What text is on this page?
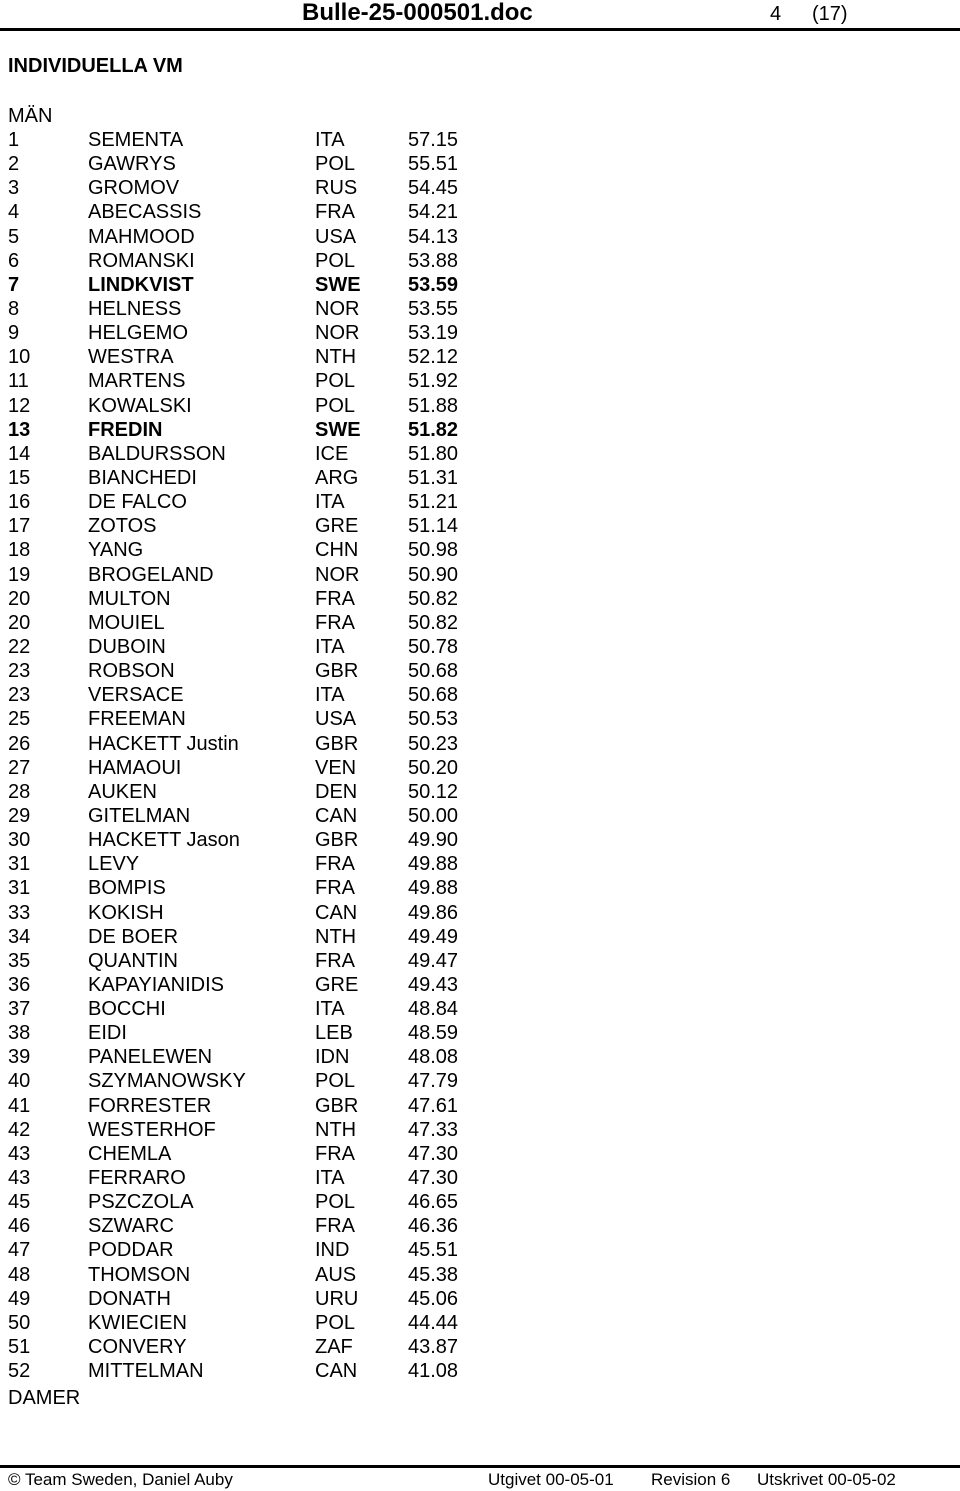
Bulle-25-000501.doc	4 (17)
INDIVIDUELLA VM
MÄN
1	SEMENTA	ITA	57.15
2	GAWRYS	POL	55.51
3	GROMOV	RUS	54.45
4	ABECASSIS	FRA	54.21
5	MAHMOOD	USA	54.13
6	ROMANSKI	POL	53.88
7	LINDKVIST	SWE 53.59
8	HELNESS	NOR 53.55
9	HELGEMO	NOR 53.19
10	WESTRA	NTH	52.12
11	MARTENS	POL	51.92
12	KOWALSKI	POL	51.88
13	FREDIN	SWE 51.82
14	BALDURSSON	ICE	51.80
15	BIANCHEDI	ARG 51.31
16	DE FALCO	ITA	51.21
17	ZOTOS	GRE 51.14
18	YANG	CHN 50.98
19	BROGELAND	NOR 50.90
20	MULTON	FRA	50.82
20	MOUIEL	FRA	50.82
22	DUBOIN	ITA	50.78
23	ROBSON	GBR 50.68
23	VERSACE	ITA	50.68
25	FREEMAN	USA	50.53
26	HACKETT Justin	GBR 50.23
27	HAMAOUI	VEN	50.20
28	AUKEN	DEN	50.12
29	GITELMAN	CAN	50.00
30	HACKETT Jason	GBR 49.90
31	LEVY	FRA	49.88
31	BOMPIS	FRA	49.88
33	KOKISH	CAN	49.86
34	DE BOER	NTH	49.49
35	QUANTIN	FRA	49.47
36	KAPAYIANIDIS	GRE 49.43
37	BOCCHI	ITA	48.84
38	EIDI	LEB	48.59
39	PANELEWEN	IDN	48.08
40	SZYMANOWSKY	POL	47.79
41	FORRESTER	GBR 47.61
42	WESTERHOF	NTH	47.33
43	CHEMLA	FRA	47.30
43	FERRARO	ITA	47.30
45	PSZCZOLA	POL	46.65
46	SZWARC	FRA	46.36
47	PODDAR	IND	45.51
48	THOMSON	AUS	45.38
49	DONATH	URU 45.06
50	KWIECIEN	POL	44.44
51	CONVERY	ZAF	43.87
52	MITTELMAN	CAN	41.08
DAMER
© Team Sweden, Daniel Auby	Utgivet 00-05-01 Revision 6 Utskrivet 00-05-02
